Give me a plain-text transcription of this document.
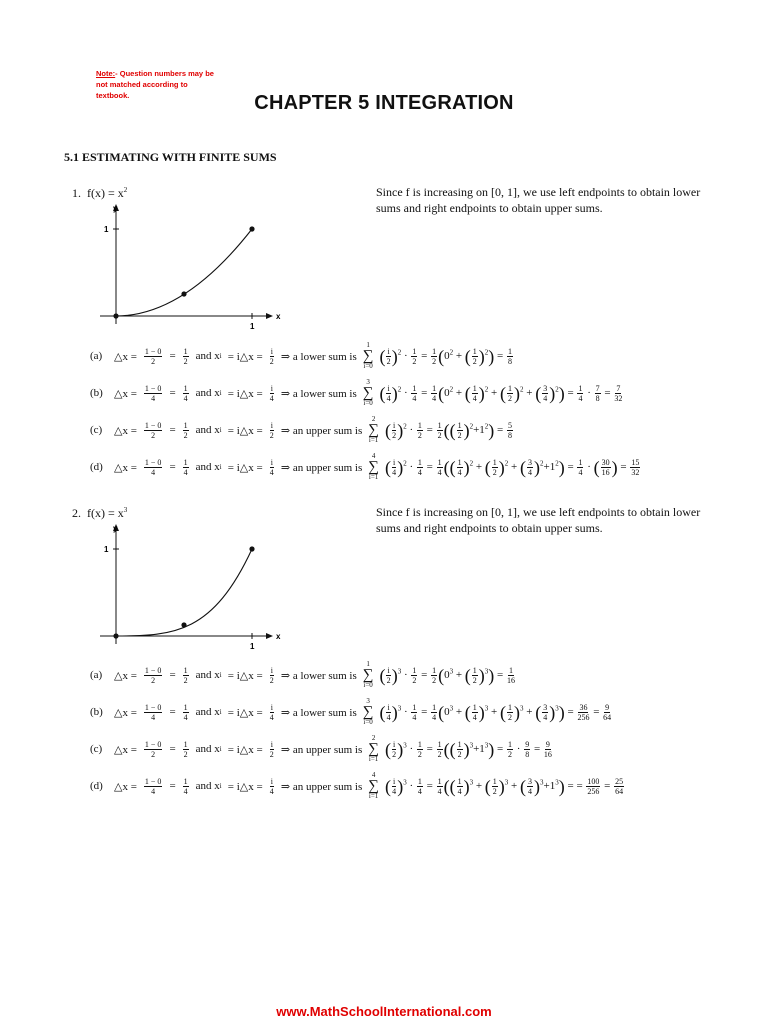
Note:- Question numbers may be not matched according to textbook.	CHAPTER 5 INTEGRATION
5.1 ESTIMATING WITH FINITE SUMS
1. $f(x) = x^2$	Since f is increasing on [0, 1], we use left endpoints to obtain lower sums and right endpoints to obtain upper sums.
y
x
1
1
(a)	△x = $\frac{1 - 0}{2} = \frac{1}{2}$ and x i = i△x = $\frac{i}{2}$ ⇒ a lower sum is
1
∑
i=0 ( $\frac{i}{2} )^2 \cdot \frac{1}{2} = \frac{1}{2} (0^2$ + ( $\frac{1}{2} )^2) = \frac{1}{8}$
(b)	△x = $\frac{1 - 0}{4} = \frac{1}{4}$ and x i = i△x = $\frac{i}{4}$ ⇒ a lower sum is
3
∑
i=0 ( $\frac{i}{4} )^2 \cdot \frac{1}{4} = \frac{1}{4} (0^2$ + ( $\frac{1}{4} )^2$ + ( $\frac{1}{2} )^2$ + ( $\frac{3}{4} )^2) = \frac{1}{4} \cdot \frac{7}{8} = \frac{7}{32}$
(c)	△x = $\frac{1 - 0}{2} = \frac{1}{2}$ and x i = i△x = $\frac{i}{2}$ ⇒ an upper sum is
2
∑
i=1 ( $\frac{i}{2} )^2 \cdot \frac{1}{2} = \frac{1}{2}$ (( $\frac{1}{2} )^2+1^2) = \frac{5}{8}$
(d)	△x = $\frac{1 - 0}{4} = \frac{1}{4}$ and x i = i△x = $\frac{i}{4}$ ⇒ an upper sum is
4
∑
i=1 ( $\frac{i}{4} )^2 \cdot \frac{1}{4} = \frac{1}{4}$ (( $\frac{1}{4} )^2$ + ( $\frac{1}{2} )^2$ + ( $\frac{3}{4} )^2+1^2) = \frac{1}{4}$ · ( $\frac{30}{16}$ ) = $\frac{15}{32}$
2. $f(x) = x^3$	Since f is increasing on [0, 1], we use left endpoints to obtain lower sums and right endpoints to obtain upper sums.
y
x
1
1
(a)	△x = $\frac{1 - 0}{2} = \frac{1}{2}$ and x i = i△x = $\frac{i}{2}$ ⇒ a lower sum is
1
∑
i=0 ( $\frac{i}{2} )^3 \cdot \frac{1}{2} = \frac{1}{2} (0^3$ + ( $\frac{1}{2} )^3) = \frac{1}{16}$
(b)	△x = $\frac{1 - 0}{4} = \frac{1}{4}$ and x i = i△x = $\frac{i}{4}$ ⇒ a lower sum is
3
∑
i=0 ( $\frac{i}{4} )^3 \cdot \frac{1}{4} = \frac{1}{4} (0^3$ + ( $\frac{1}{4} )^3$ + ( $\frac{1}{2} )^3$ + ( $\frac{3}{4} )^3) = \frac{36}{256} = \frac{9}{64}$
(c)	△x = $\frac{1 - 0}{2} = \frac{1}{2}$ and x i = i△x = $\frac{i}{2}$ ⇒ an upper sum is
2
∑
i=1 ( $\frac{i}{2} )^3 \cdot \frac{1}{2} = \frac{1}{2}$ (( $\frac{1}{2} )^3+1^3) = \frac{1}{2} \cdot \frac{9}{8} = \frac{9}{16}$
(d)	△x = $\frac{1 - 0}{4} = \frac{1}{4}$ and x i = i△x = $\frac{i}{4}$ ⇒ an upper sum is
4
∑
i=1 ( $\frac{i}{4} )^3 \cdot \frac{1}{4} = \frac{1}{4}$ (( $\frac{1}{4} )^3$ + ( $\frac{1}{2} )^3$ + ( $\frac{3}{4} )^3+1^3$) = = $\frac{100}{256} = \frac{25}{64}$
www.MathSchoolInternational.com
